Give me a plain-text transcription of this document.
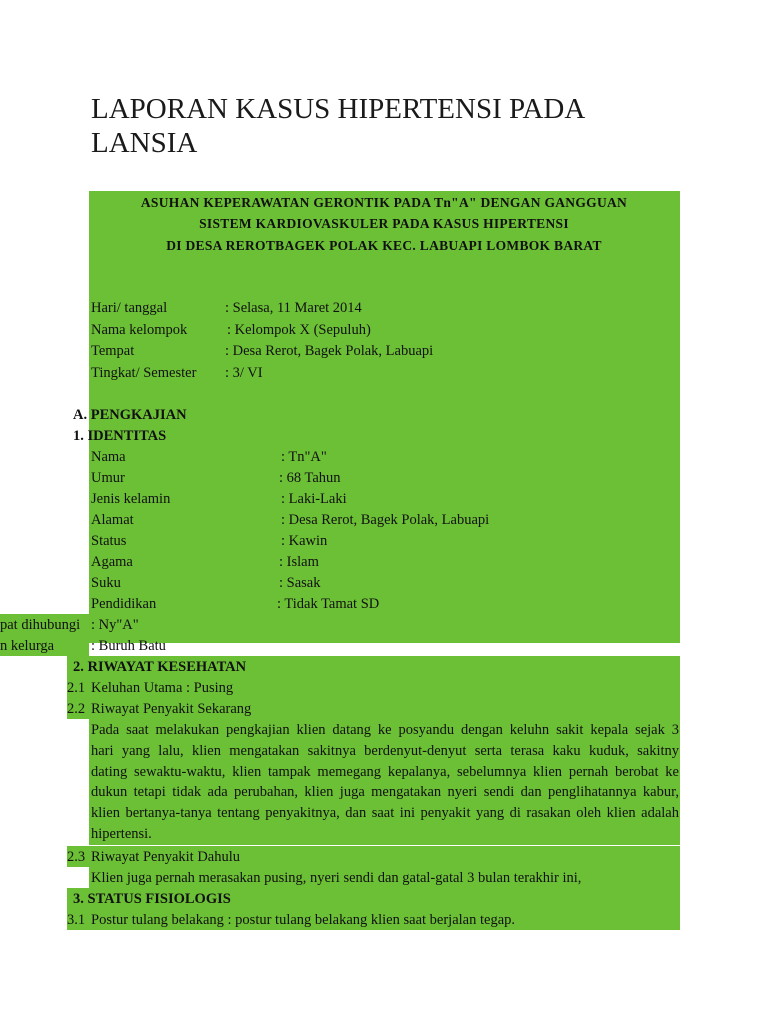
LAPORAN KASUS HIPERTENSI PADA
LANSIA
ASUHAN KEPERAWATAN GERONTIK PADA Tn"A" DENGAN GANGGUAN
SISTEM KARDIOVASKULER PADA KASUS HIPERTENSI
DI DESA REROTBAGEK POLAK KEC. LABUAPI LOMBOK BARAT
Hari/ tanggal	: Selasa, 11 Maret 2014
Nama kelompok	: Kelompok X (Sepuluh)
Tempat	: Desa Rerot, Bagek Polak, Labuapi
Tingkat/ Semester : 3/ VI
A. PENGKAJIAN
1. IDENTITAS
Nama	: Tn"A"
Umur	: 68 Tahun
Jenis kelamin	: Laki-Laki
Alamat	: Desa Rerot, Bagek Polak, Labuapi
Status	: Kawin
Agama	: Islam
Suku	: Sasak
Pendidikan	: Tidak Tamat SD
pat dihubungi : Ny"A"
n kelurga	: Buruh Batu
2. RIWAYAT KESEHATAN
2.1 Keluhan Utama : Pusing
2.2 Riwayat Penyakit Sekarang
Pada saat melakukan pengkajian klien datang ke posyandu dengan keluhn sakit kepala sejak 3
hari yang lalu, klien mengatakan sakitnya berdenyut-denyut serta terasa kaku kuduk, sakitny
dating sewaktu-waktu, klien tampak memegang kepalanya, sebelumnya klien pernah berobat ke
dukun tetapi tidak ada perubahan, klien juga mengatakan nyeri sendi dan penglihatannya kabur,
klien bertanya-tanya tentang penyakitnya, dan saat ini penyakit yang di rasakan oleh klien adalah
hipertensi.
2.3 Riwayat Penyakit Dahulu
Klien juga pernah merasakan pusing, nyeri sendi dan gatal-gatal 3 bulan terakhir ini,
3. STATUS FISIOLOGIS
3.1 Postur tulang belakang : postur tulang belakang klien saat berjalan tegap.
